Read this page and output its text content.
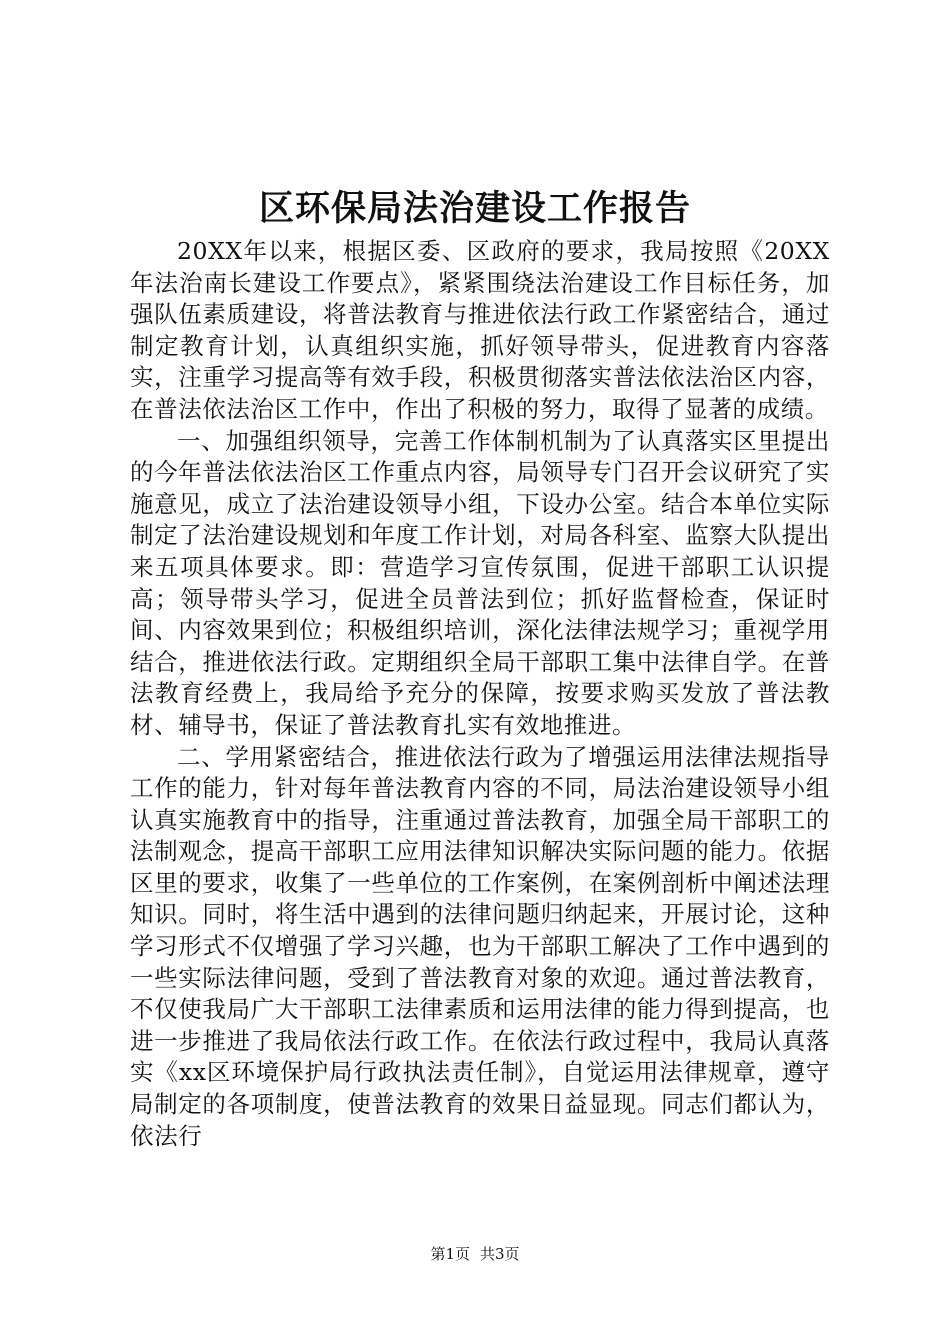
区环保局法治建设工作报告

20XX年以来，根据区委、区政府的要求，我局按照《20XX年法治南长建设工作要点》，紧紧围绕法治建设工作目标任务，加强队伍素质建设，将普法教育与推进依法行政工作紧密结合，通过制定教育计划，认真组织实施，抓好领导带头，促进教育内容落实，注重学习提高等有效手段，积极贯彻落实普法依法治区内容，在普法依法治区工作中，作出了积极的努力，取得了显著的成绩。

一、加强组织领导，完善工作体制机制为了认真落实区里提出的今年普法依法治区工作重点内容，局领导专门召开会议研究了实施意见，成立了法治建设领导小组，下设办公室。结合本单位实际制定了法治建设规划和年度工作计划，对局各科室、监察大队提出来五项具体要求。即：营造学习宣传氛围，促进干部职工认识提高；领导带头学习，促进全员普法到位；抓好监督检查，保证时间、内容效果到位；积极组织培训，深化法律法规学习；重视学用结合，推进依法行政。定期组织全局干部职工集中法律自学。在普法教育经费上，我局给予充分的保障，按要求购买发放了普法教材、辅导书，保证了普法教育扎实有效地推进。

二、学用紧密结合，推进依法行政为了增强运用法律法规指导工作的能力，针对每年普法教育内容的不同，局法治建设领导小组认真实施教育中的指导，注重通过普法教育，加强全局干部职工的法制观念，提高干部职工应用法律知识解决实际问题的能力。依据区里的要求，收集了一些单位的工作案例，在案例剖析中阐述法理知识。同时，将生活中遇到的法律问题归纳起来，开展讨论，这种学习形式不仅增强了学习兴趣，也为干部职工解决了工作中遇到的一些实际法律问题，受到了普法教育对象的欢迎。通过普法教育，不仅使我局广大干部职工法律素质和运用法律的能力得到提高，也进一步推进了我局依法行政工作。在依法行政过程中，我局认真落实《xx区环境保护局行政执法责任制》，自觉运用法律规章，遵守局制定的各项制度，使普法教育的效果日益显现。同志们都认为，依法行

第1页 共3页
